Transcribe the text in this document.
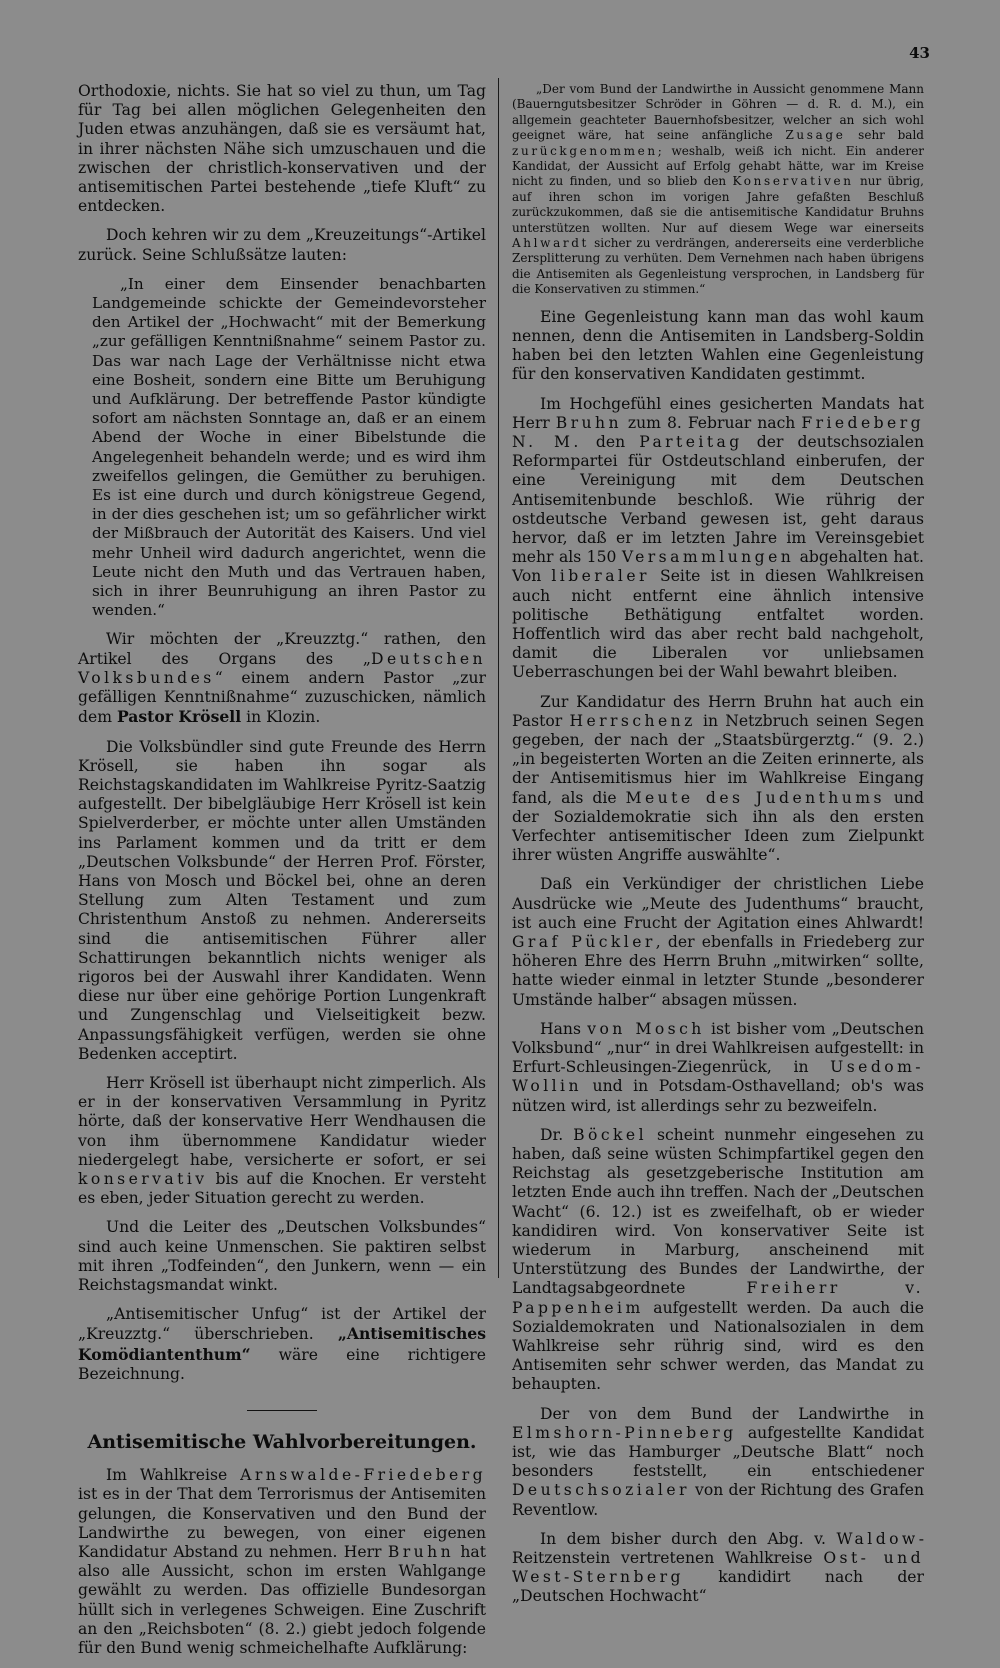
43

Orthodoxie, nichts. Sie hat so viel zu thun, um Tag für Tag bei allen möglichen Gelegenheiten den Juden etwas anzuhängen, daß sie es versäumt hat, in ihrer nächsten Nähe sich umzuschauen und die zwischen der christlich-konservativen und der antisemitischen Partei bestehende „tiefe Kluft“ zu entdecken.

Doch kehren wir zu dem „Kreuzeitungs“-Artikel zurück. Seine Schlußsätze lauten:

„In einer dem Einsender benachbarten Landgemeinde schickte der Gemeindevorsteher den Artikel der „Hochwacht“ mit der Bemerkung „zur gefälligen Kenntnißnahme“ seinem Pastor zu. Das war nach Lage der Verhältnisse nicht etwa eine Bosheit, sondern eine Bitte um Beruhigung und Aufklärung. Der betreffende Pastor kündigte sofort am nächsten Sonntage an, daß er an einem Abend der Woche in einer Bibelstunde die Angelegenheit behandeln werde; und es wird ihm zweifellos gelingen, die Gemüther zu beruhigen. Es ist eine durch und durch königstreue Gegend, in der dies geschehen ist; um so gefährlicher wirkt der Mißbrauch der Autorität des Kaisers. Und viel mehr Unheil wird dadurch angerichtet, wenn die Leute nicht den Muth und das Vertrauen haben, sich in ihrer Beunruhigung an ihren Pastor zu wenden.“

Wir möchten der „Kreuzztg.“ rathen, den Artikel des Organs des „Deutschen Volksbundes“ einem andern Pastor „zur gefälligen Kenntnißnahme“ zuzuschicken, nämlich dem Pastor Krösell in Klozin.

Die Volksbündler sind gute Freunde des Herrn Krösell, sie haben ihn sogar als Reichstagskandidaten im Wahlkreise Pyritz-Saatzig aufgestellt. Der bibelgläubige Herr Krösell ist kein Spielverderber, er möchte unter allen Umständen ins Parlament kommen und da tritt er dem „Deutschen Volksbunde“ der Herren Prof. Förster, Hans von Mosch und Böckel bei, ohne an deren Stellung zum Alten Testament und zum Christenthum Anstoß zu nehmen. Andererseits sind die antisemitischen Führer aller Schattirungen bekanntlich nichts weniger als rigoros bei der Auswahl ihrer Kandidaten. Wenn diese nur über eine gehörige Portion Lungenkraft und Zungenschlag und Vielseitigkeit bezw. Anpassungsfähigkeit verfügen, werden sie ohne Bedenken acceptirt.

Herr Krösell ist überhaupt nicht zimperlich. Als er in der konservativen Versammlung in Pyritz hörte, daß der konservative Herr Wendhausen die von ihm übernommene Kandidatur wieder niedergelegt habe, versicherte er sofort, er sei konservativ bis auf die Knochen. Er versteht es eben, jeder Situation gerecht zu werden.

Und die Leiter des „Deutschen Volksbundes“ sind auch keine Unmenschen. Sie paktiren selbst mit ihren „Todfeinden“, den Junkern, wenn — ein Reichstagsmandat winkt.

„Antisemitischer Unfug“ ist der Artikel der „Kreuzztg.“ überschrieben. „Antisemitisches Komödiantenthum“ wäre eine richtigere Bezeichnung.

Antisemitische Wahlvorbereitungen.

Im Wahlkreise Arnswalde-Friedeberg ist es in der That dem Terrorismus der Antisemiten gelungen, die Konservativen und den Bund der Landwirthe zu bewegen, von einer eigenen Kandidatur Abstand zu nehmen. Herr Bruhn hat also alle Aussicht, schon im ersten Wahlgange gewählt zu werden. Das offizielle Bundesorgan hüllt sich in verlegenes Schweigen. Eine Zuschrift an den „Reichsboten“ (8. 2.) giebt jedoch folgende für den Bund wenig schmeichelhafte Aufklärung:

„Der vom Bund der Landwirthe in Aussicht genommene Mann (Bauerngutsbesitzer Schröder in Göhren — d. R. d. M.), ein allgemein geachteter Bauernhofsbesitzer, welcher an sich wohl geeignet wäre, hat seine anfängliche Zusage sehr bald zurückgenommen; weshalb, weiß ich nicht. Ein anderer Kandidat, der Aussicht auf Erfolg gehabt hätte, war im Kreise nicht zu finden, und so blieb den Konservativen nur übrig, auf ihren schon im vorigen Jahre gefaßten Beschluß zurückzukommen, daß sie die antisemitische Kandidatur Bruhns unterstützen wollten. Nur auf diesem Wege war einerseits Ahlwardt sicher zu verdrängen, andererseits eine verderbliche Zersplitterung zu verhüten. Dem Vernehmen nach haben übrigens die Antisemiten als Gegenleistung versprochen, in Landsberg für die Konservativen zu stimmen.“

Eine Gegenleistung kann man das wohl kaum nennen, denn die Antisemiten in Landsberg-Soldin haben bei den letzten Wahlen eine Gegenleistung für den konservativen Kandidaten gestimmt.

Im Hochgefühl eines gesicherten Mandats hat Herr Bruhn zum 8. Februar nach Friedeberg N. M. den Parteitag der deutschsozialen Reformpartei für Ostdeutschland einberufen, der eine Vereinigung mit dem Deutschen Antisemitenbunde beschloß. Wie rührig der ostdeutsche Verband gewesen ist, geht daraus hervor, daß er im letzten Jahre im Vereinsgebiet mehr als 150 Versammlungen abgehalten hat. Von liberaler Seite ist in diesen Wahlkreisen auch nicht entfernt eine ähnlich intensive politische Bethätigung entfaltet worden. Hoffentlich wird das aber recht bald nachgeholt, damit die Liberalen vor unliebsamen Ueberraschungen bei der Wahl bewahrt bleiben.

Zur Kandidatur des Herrn Bruhn hat auch ein Pastor Herrschenz in Netzbruch seinen Segen gegeben, der nach der „Staatsbürgerztg.“ (9. 2.) „in begeisterten Worten an die Zeiten erinnerte, als der Antisemitismus hier im Wahlkreise Eingang fand, als die Meute des Judenthums und der Sozialdemokratie sich ihn als den ersten Verfechter antisemitischer Ideen zum Zielpunkt ihrer wüsten Angriffe auswählte“.

Daß ein Verkündiger der christlichen Liebe Ausdrücke wie „Meute des Judenthums“ braucht, ist auch eine Frucht der Agitation eines Ahlwardt! Graf Pückler, der ebenfalls in Friedeberg zur höheren Ehre des Herrn Bruhn „mitwirken“ sollte, hatte wieder einmal in letzter Stunde „besonderer Umstände halber“ absagen müssen.

Hans von Mosch ist bisher vom „Deutschen Volksbund“ „nur“ in drei Wahlkreisen aufgestellt: in Erfurt-Schleusingen-Ziegenrück, in Usedom-Wollin und in Potsdam-Osthavelland; ob's was nützen wird, ist allerdings sehr zu bezweifeln.

Dr. Böckel scheint nunmehr eingesehen zu haben, daß seine wüsten Schimpfartikel gegen den Reichstag als gesetzgeberische Institution am letzten Ende auch ihn treffen. Nach der „Deutschen Wacht“ (6. 12.) ist es zweifelhaft, ob er wieder kandidiren wird. Von konservativer Seite ist wiederum in Marburg, anscheinend mit Unterstützung des Bundes der Landwirthe, der Landtagsabgeordnete Freiherr v. Pappenheim aufgestellt werden. Da auch die Sozialdemokraten und Nationalsozialen in dem Wahlkreise sehr rührig sind, wird es den Antisemiten sehr schwer werden, das Mandat zu behaupten.

Der von dem Bund der Landwirthe in Elmshorn-Pinneberg aufgestellte Kandidat ist, wie das Hamburger „Deutsche Blatt“ noch besonders feststellt, ein entschiedener Deutschsozialer von der Richtung des Grafen Reventlow.

In dem bisher durch den Abg. v. Waldow-Reitzenstein vertretenen Wahlkreise Ost- und West-Sternberg kandidirt nach der „Deutschen Hochwacht“
